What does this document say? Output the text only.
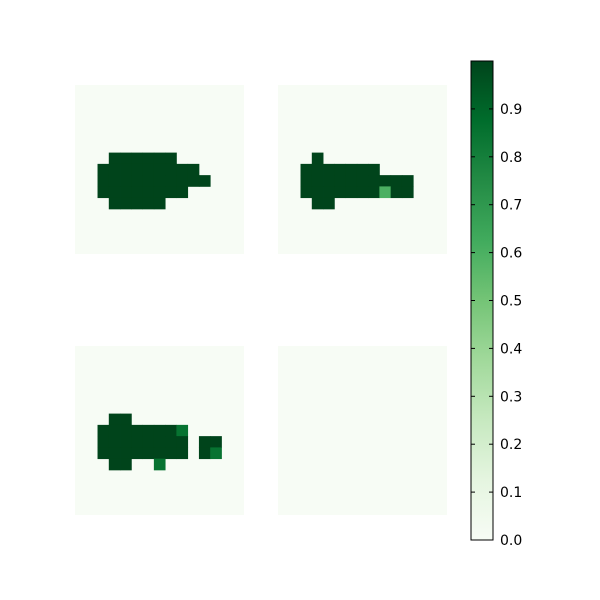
0.0
0.1
0.2
0.3
0.4
0.5
0.6
0.7
0.8
0.9
